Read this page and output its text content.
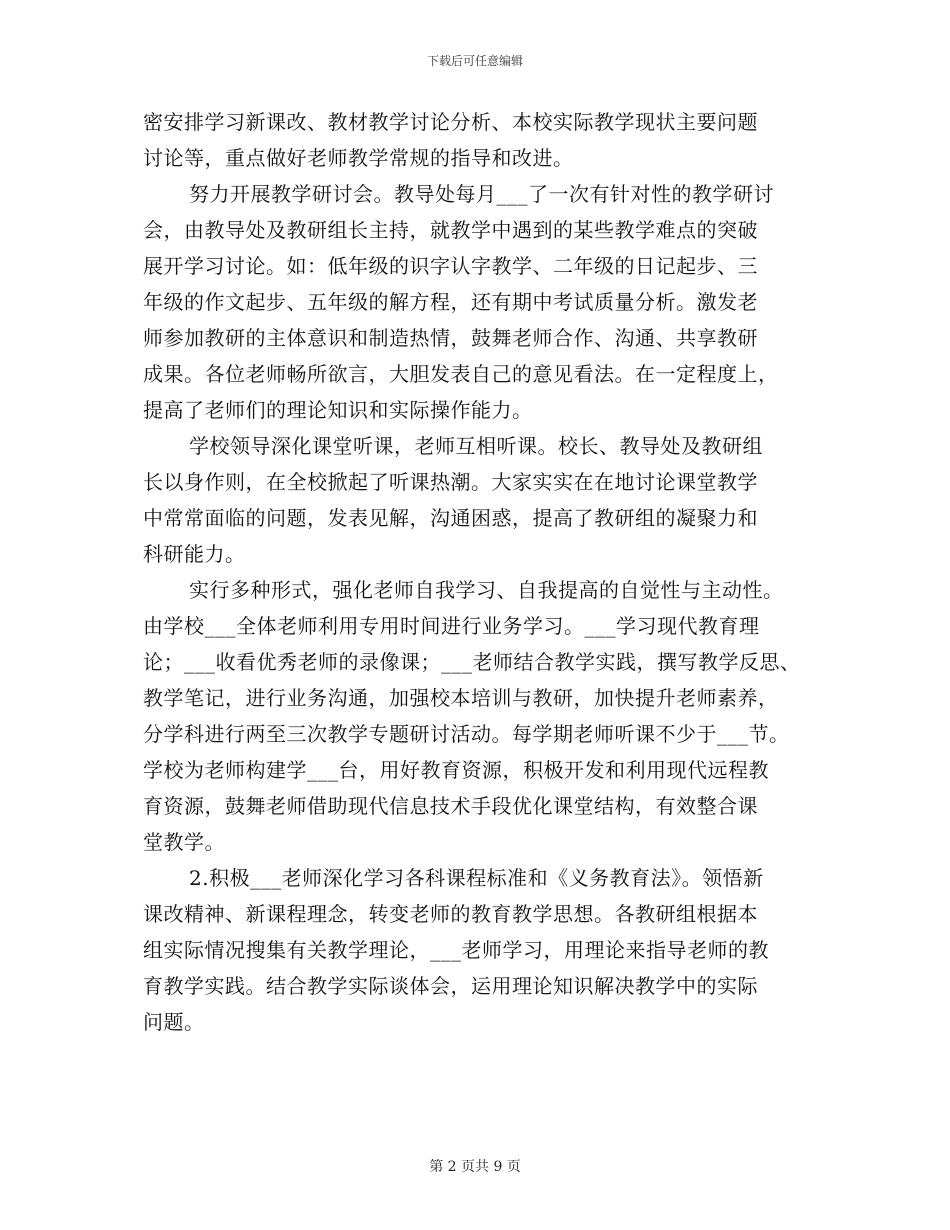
下载后可任意编辑
密安排学习新课改、教材教学讨论分析、本校实际教学现状主要问题
讨论等，重点做好老师教学常规的指导和改进。
努力开展教学研讨会。教导处每月___了一次有针对性的教学研讨
会，由教导处及教研组长主持，就教学中遇到的某些教学难点的突破
展开学习讨论。如：低年级的识字认字教学、二年级的日记起步、三
年级的作文起步、五年级的解方程，还有期中考试质量分析。激发老
师参加教研的主体意识和制造热情，鼓舞老师合作、沟通、共享教研
成果。各位老师畅所欲言，大胆发表自己的意见看法。在一定程度上，
提高了老师们的理论知识和实际操作能力。
学校领导深化课堂听课，老师互相听课。校长、教导处及教研组
长以身作则，在全校掀起了听课热潮。大家实实在在地讨论课堂教学
中常常面临的问题，发表见解，沟通困惑，提高了教研组的凝聚力和
科研能力。
实行多种形式，强化老师自我学习、自我提高的自觉性与主动性。
由学校___全体老师利用专用时间进行业务学习。___学习现代教育理
论；___收看优秀老师的录像课；___老师结合教学实践，撰写教学反思、
教学笔记，进行业务沟通，加强校本培训与教研，加快提升老师素养，
分学科进行两至三次教学专题研讨活动。每学期老师听课不少于___节。
学校为老师构建学___台，用好教育资源，积极开发和利用现代远程教
育资源，鼓舞老师借助现代信息技术手段优化课堂结构，有效整合课
堂教学。
2.积极___老师深化学习各科课程标准和《义务教育法》。领悟新
课改精神、新课程理念，转变老师的教育教学思想。各教研组根据本
组实际情况搜集有关教学理论，___老师学习，用理论来指导老师的教
育教学实践。结合教学实际谈体会，运用理论知识解决教学中的实际
问题。
第 2 页共 9 页
